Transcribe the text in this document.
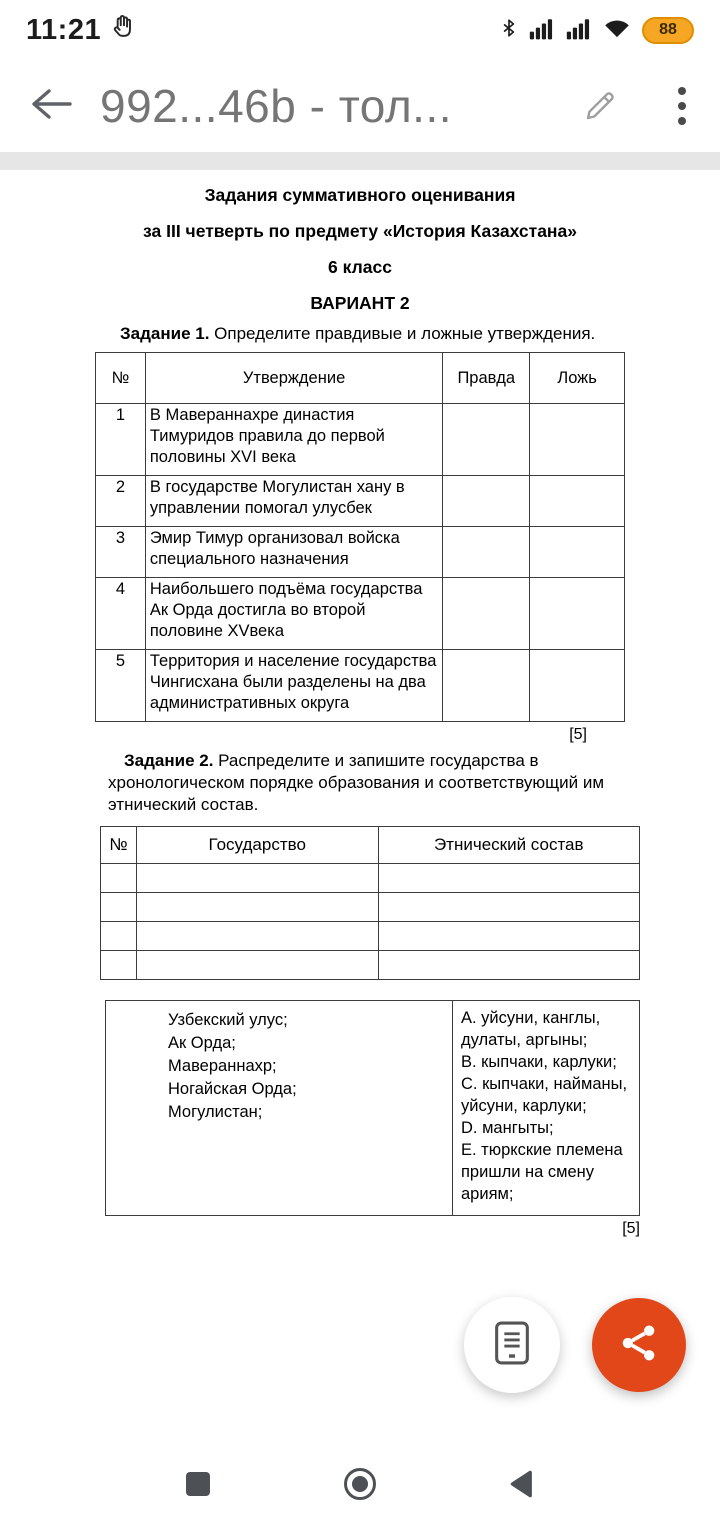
11:21	88
992...46b - тол...
Задания суммативного оценивания
за III четверть по предмету «История Казахстана»
6 класс
ВАРИАНТ 2
Задание 1. Определите правдивые и ложные утверждения.
№	Утверждение	Правда	Ложь
1	В Мавераннахре династия Тимуридов правила до первой половины XVI века		
2	В государстве Могулистан хану в управлении помогал улусбек		
3	Эмир Тимур организовал войска специального назначения		
4	Наибольшего подъёма государства Ак Орда достигла во второй половине XVвека		
5	Территория и население государства Чингисхана были разделены на два административных округа		
[5]
Задание 2. Распределите и запишите государства в хронологическом порядке образования и соответствующий им этнический состав.
№	Государство	Этнический состав

Узбекский улус;
Ак Орда;
Мавераннахр;
Ногайская Орда;
Могулистан;

А. уйсуни, канглы, дулаты, аргыны;
В. кыпчаки, карлуки;
С. кыпчаки, найманы, уйсуни, карлуки;
D. мангыты;
Е. тюркские племена пришли на смену ариям;
[5]
